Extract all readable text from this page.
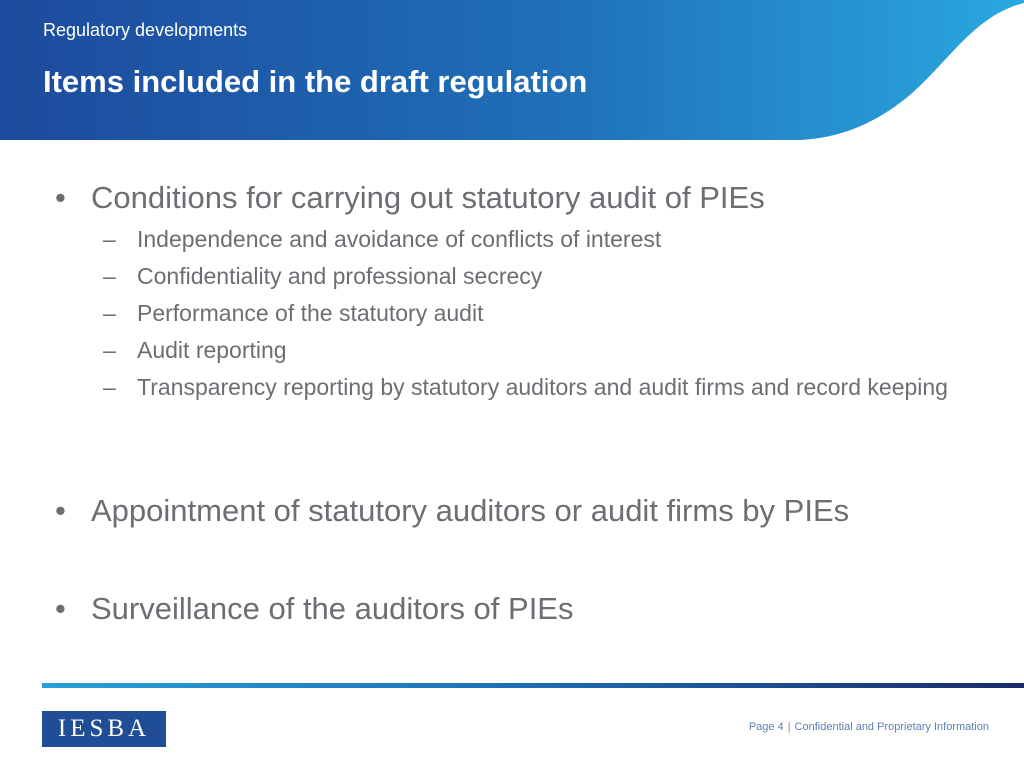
Regulatory developments
Items included in the draft regulation
• Conditions for carrying out statutory audit of PIEs
– Independence and avoidance of conflicts of interest
– Confidentiality and professional secrecy
– Performance of the statutory audit
– Audit reporting
– Transparency reporting by statutory auditors and audit firms and record keeping
• Appointment of statutory auditors or audit firms by PIEs
• Surveillance of the auditors of PIEs
IESBA	Page 4 | Confidential and Proprietary Information
